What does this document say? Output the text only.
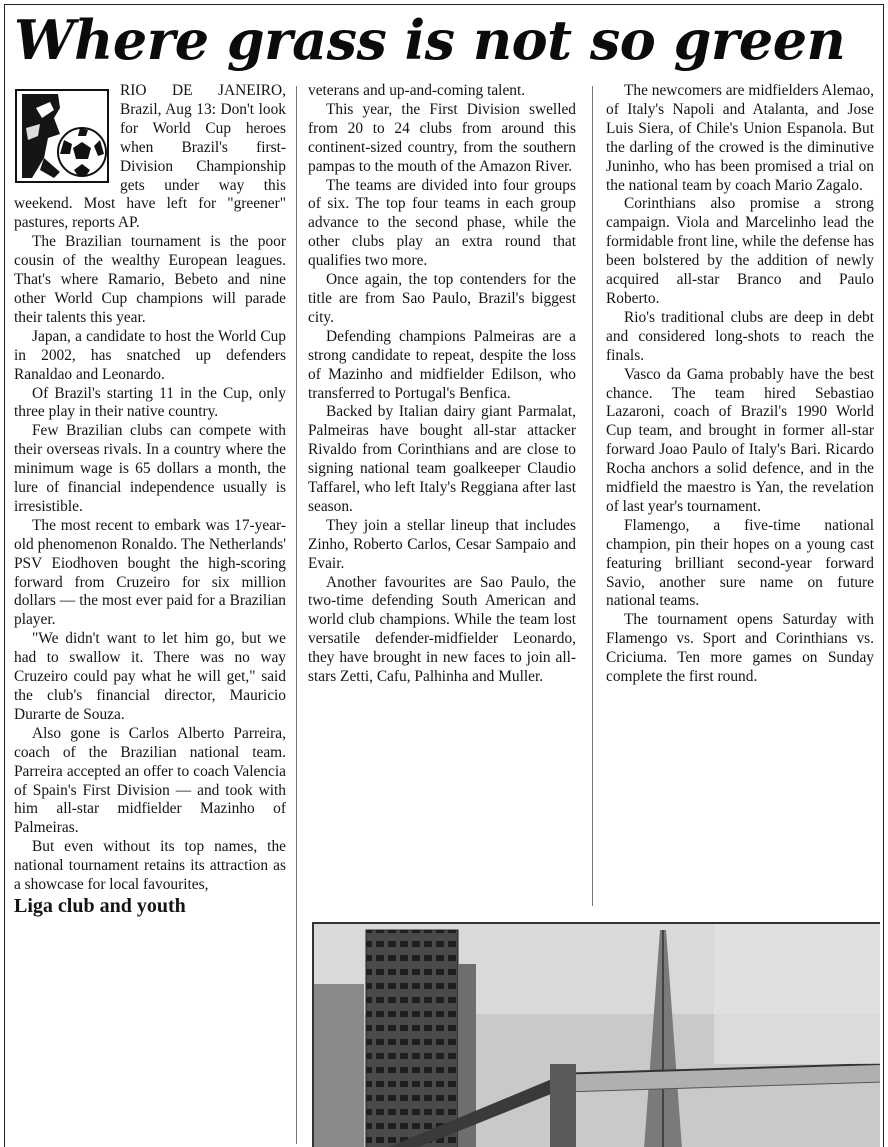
Where grass is not so green

RIO DE JANEIRO, Brazil, Aug 13: Don't look for World Cup heroes when Brazil's first-Division Championship gets under way this weekend. Most have left for "greener" pastures, reports AP.

The Brazilian tournament is the poor cousin of the wealthy European leagues. That's where Ramario, Bebeto and nine other World Cup champions will parade their talents this year.

Japan, a candidate to host the World Cup in 2002, has snatched up defenders Ranaldao and Leonardo.

Of Brazil's starting 11 in the Cup, only three play in their native country.

Few Brazilian clubs can compete with their overseas rivals. In a country where the minimum wage is 65 dollars a month, the lure of financial independence usually is irresistible.

The most recent to embark was 17-year-old phenomenon Ronaldo. The Netherlands' PSV Eiodhoven bought the high-scoring forward from Cruzeiro for six million dollars — the most ever paid for a Brazilian player.

"We didn't want to let him go, but we had to swallow it. There was no way Cruzeiro could pay what he will get," said the club's financial director, Mauricio Durarte de Souza.

Also gone is Carlos Alberto Parreira, coach of the Brazilian national team. Parreira accepted an offer to coach Valencia of Spain's First Division — and took with him all-star midfielder Mazinho of Palmeiras.

But even without its top names, the national tournament retains its attraction as a showcase for local favourites,

Liga club and youth

veterans and up-and-coming talent.

This year, the First Division swelled from 20 to 24 clubs from around this continent-sized country, from the southern pampas to the mouth of the Amazon River.

The teams are divided into four groups of six. The top four teams in each group advance to the second phase, while the other clubs play an extra round that qualifies two more.

Once again, the top contenders for the title are from Sao Paulo, Brazil's biggest city.

Defending champions Palmeiras are a strong candidate to repeat, despite the loss of Mazinho and midfielder Edilson, who transferred to Portugal's Benfica.

Backed by Italian dairy giant Parmalat, Palmeiras have bought all-star attacker Rivaldo from Corinthians and are close to signing national team goalkeeper Claudio Taffarel, who left Italy's Reggiana after last season.

They join a stellar lineup that includes Zinho, Roberto Carlos, Cesar Sampaio and Evair.

Another favourites are Sao Paulo, the two-time defending South American and world club champions. While the team lost versatile defender-midfielder Leonardo, they have brought in new faces to join all-stars Zetti, Cafu, Palhinha and Muller.

The newcomers are midfielders Alemao, of Italy's Napoli and Atalanta, and Jose Luis Siera, of Chile's Union Espanola. But the darling of the crowed is the diminutive Juninho, who has been promised a trial on the national team by coach Mario Zagalo.

Corinthians also promise a strong campaign. Viola and Marcelinho lead the formidable front line, while the defense has been bolstered by the addition of newly acquired all-star Branco and Paulo Roberto.

Rio's traditional clubs are deep in debt and considered long-shots to reach the finals.

Vasco da Gama probably have the best chance. The team hired Sebastiao Lazaroni, coach of Brazil's 1990 World Cup team, and brought in former all-star forward Joao Paulo of Italy's Bari. Ricardo Rocha anchors a solid defence, and in the midfield the maestro is Yan, the revelation of last year's tournament.

Flamengo, a five-time national champion, pin their hopes on a young cast featuring brilliant second-year forward Savio, another sure name on future national teams.

The tournament opens Saturday with Flamengo vs. Sport and Corinthians vs. Criciuma. Ten more games on Sunday complete the first round.
